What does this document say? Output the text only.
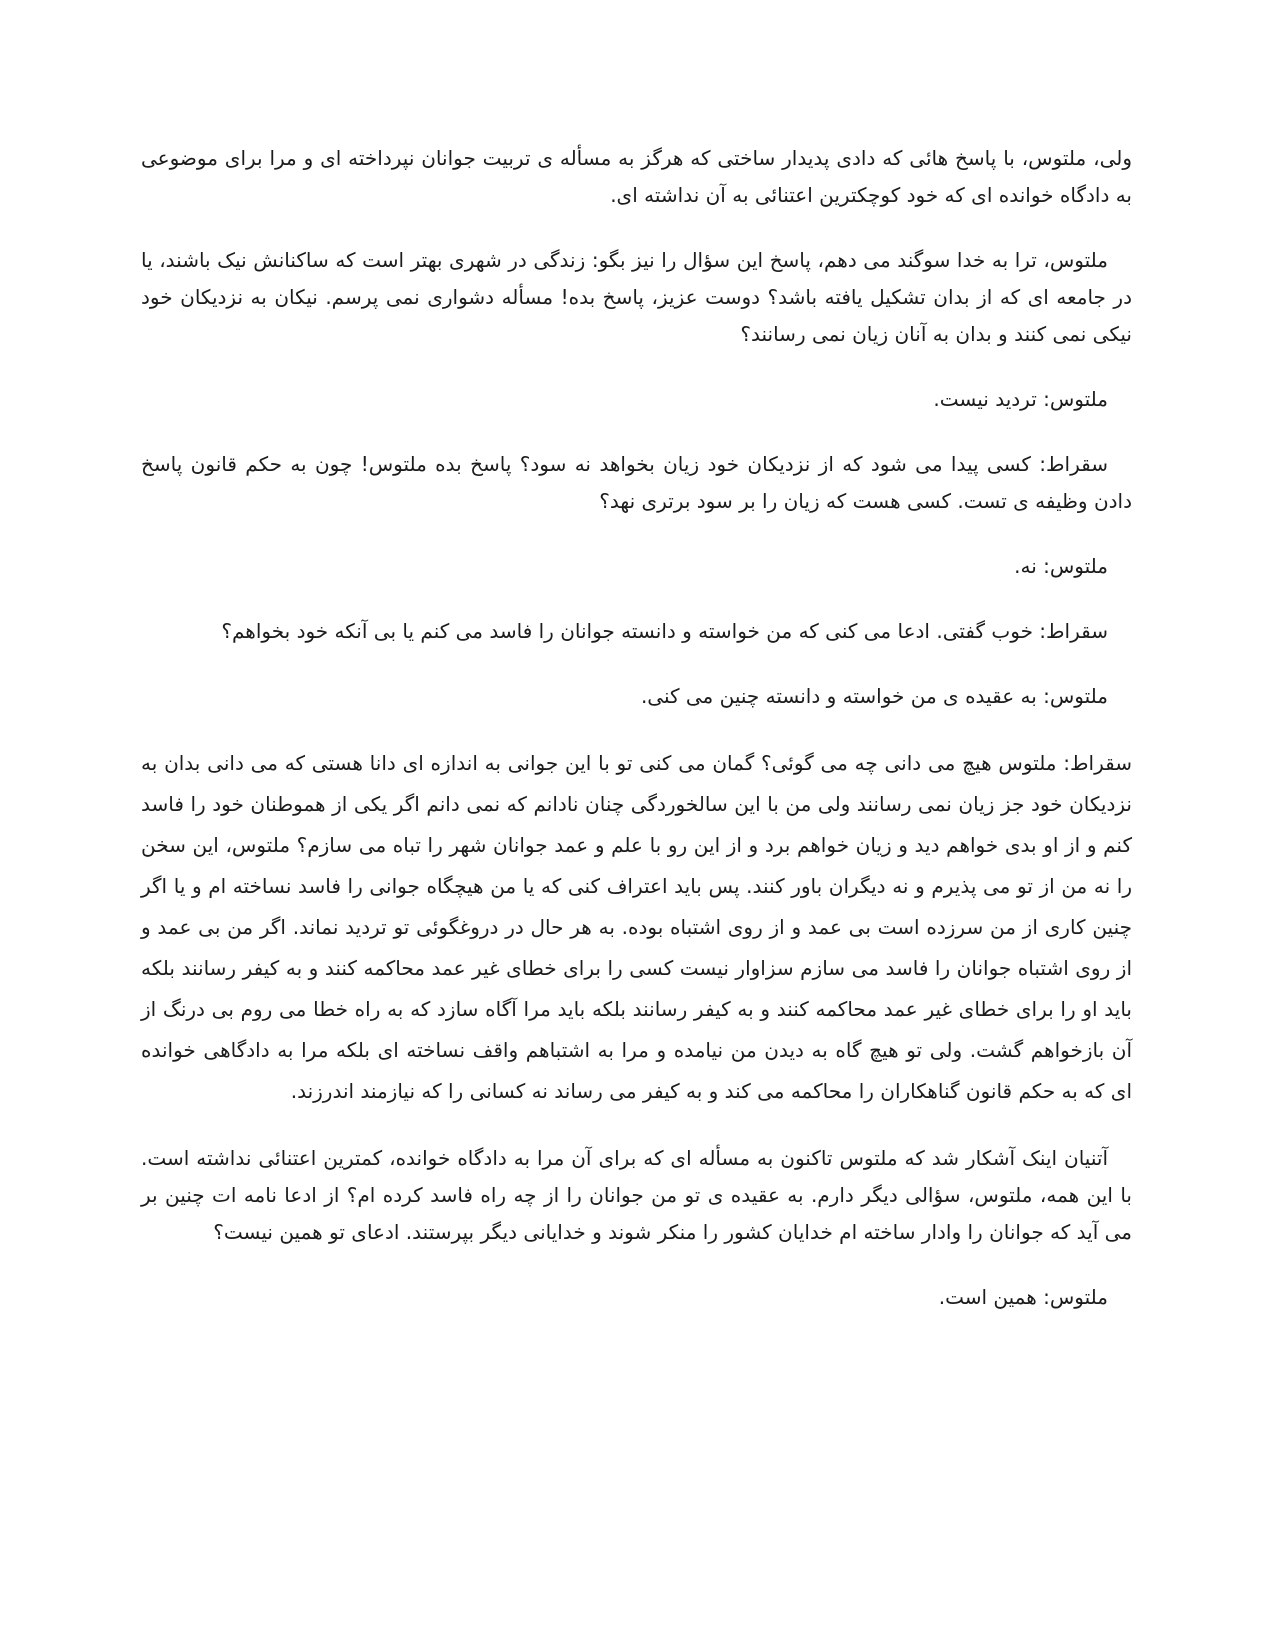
ولی، ملتوس، با پاسخ هائی که دادی پدیدار ساختی که هرگز به مسأله ی تربیت جوانان نپرداخته ای و مرا برای موضوعی به دادگاه خوانده ای که خود کوچکترین اعتنائی به آن نداشته ای.

ملتوس، ترا به خدا سوگند می دهم، پاسخ این سؤال را نیز بگو: زندگی در شهری بهتر است که ساکنانش نیک باشند، یا در جامعه ای که از بدان تشکیل یافته باشد؟ دوست عزیز، پاسخ بده! مسأله دشواری نمی پرسم. نیکان به نزدیکان خود نیکی نمی کنند و بدان به آنان زیان نمی رسانند؟

ملتوس: تردید نیست.

سقراط: کسی پیدا می شود که از نزدیکان خود زیان بخواهد نه سود؟ پاسخ بده ملتوس! چون به حکم قانون پاسخ دادن وظیفه ی تست. کسی هست که زیان را بر سود برتری نهد؟

ملتوس: نه.

سقراط: خوب گفتی. ادعا می کنی که من خواسته و دانسته جوانان را فاسد می کنم یا بی آنکه خود بخواهم؟

ملتوس: به عقیده ی من خواسته و دانسته چنین می کنی.

سقراط: ملتوس هیچ می دانی چه می گوئی؟ گمان می کنی تو با این جوانی به اندازه ای دانا هستی که می دانی بدان به نزدیکان خود جز زیان نمی رسانند ولی من با این سالخوردگی چنان نادانم که نمی دانم اگر یکی از هموطنان خود را فاسد کنم و از او بدی خواهم دید و زیان خواهم برد و از این رو با علم و عمد جوانان شهر را تباه می سازم؟ ملتوس، این سخن را نه من از تو می پذیرم و نه دیگران باور کنند. پس باید اعتراف کنی که یا من هیچگاه جوانی را فاسد نساخته ام و یا اگر چنین کاری از من سرزده است بی عمد و از روی اشتباه بوده. به هر حال در دروغگوئی تو تردید نماند. اگر من بی عمد و از روی اشتباه جوانان را فاسد می سازم سزاوار نیست کسی را برای خطای غیر عمد محاکمه کنند و به کیفر رسانند بلکه باید او را برای خطای غیر عمد محاکمه کنند و به کیفر رسانند بلکه باید مرا آگاه سازد که به راه خطا می روم بی درنگ از آن بازخواهم گشت. ولی تو هیچ گاه به دیدن من نیامده و مرا به اشتباهم واقف نساخته ای بلکه مرا به دادگاهی خوانده ای که به حکم قانون گناهکاران را محاکمه می کند و به کیفر می رساند نه کسانی را که نیازمند اندرزند.

آتنیان اینک آشکار شد که ملتوس تاکنون به مسأله ای که برای آن مرا به دادگاه خوانده، کمترین اعتنائی نداشته است. با این همه، ملتوس، سؤالی دیگر دارم. به عقیده ی تو من جوانان را از چه راه فاسد کرده ام؟ از ادعا نامه ات چنین بر می آید که جوانان را وادار ساخته ام خدایان کشور را منکر شوند و خدایانی دیگر بپرستند. ادعای تو همین نیست؟

ملتوس: همین است.
